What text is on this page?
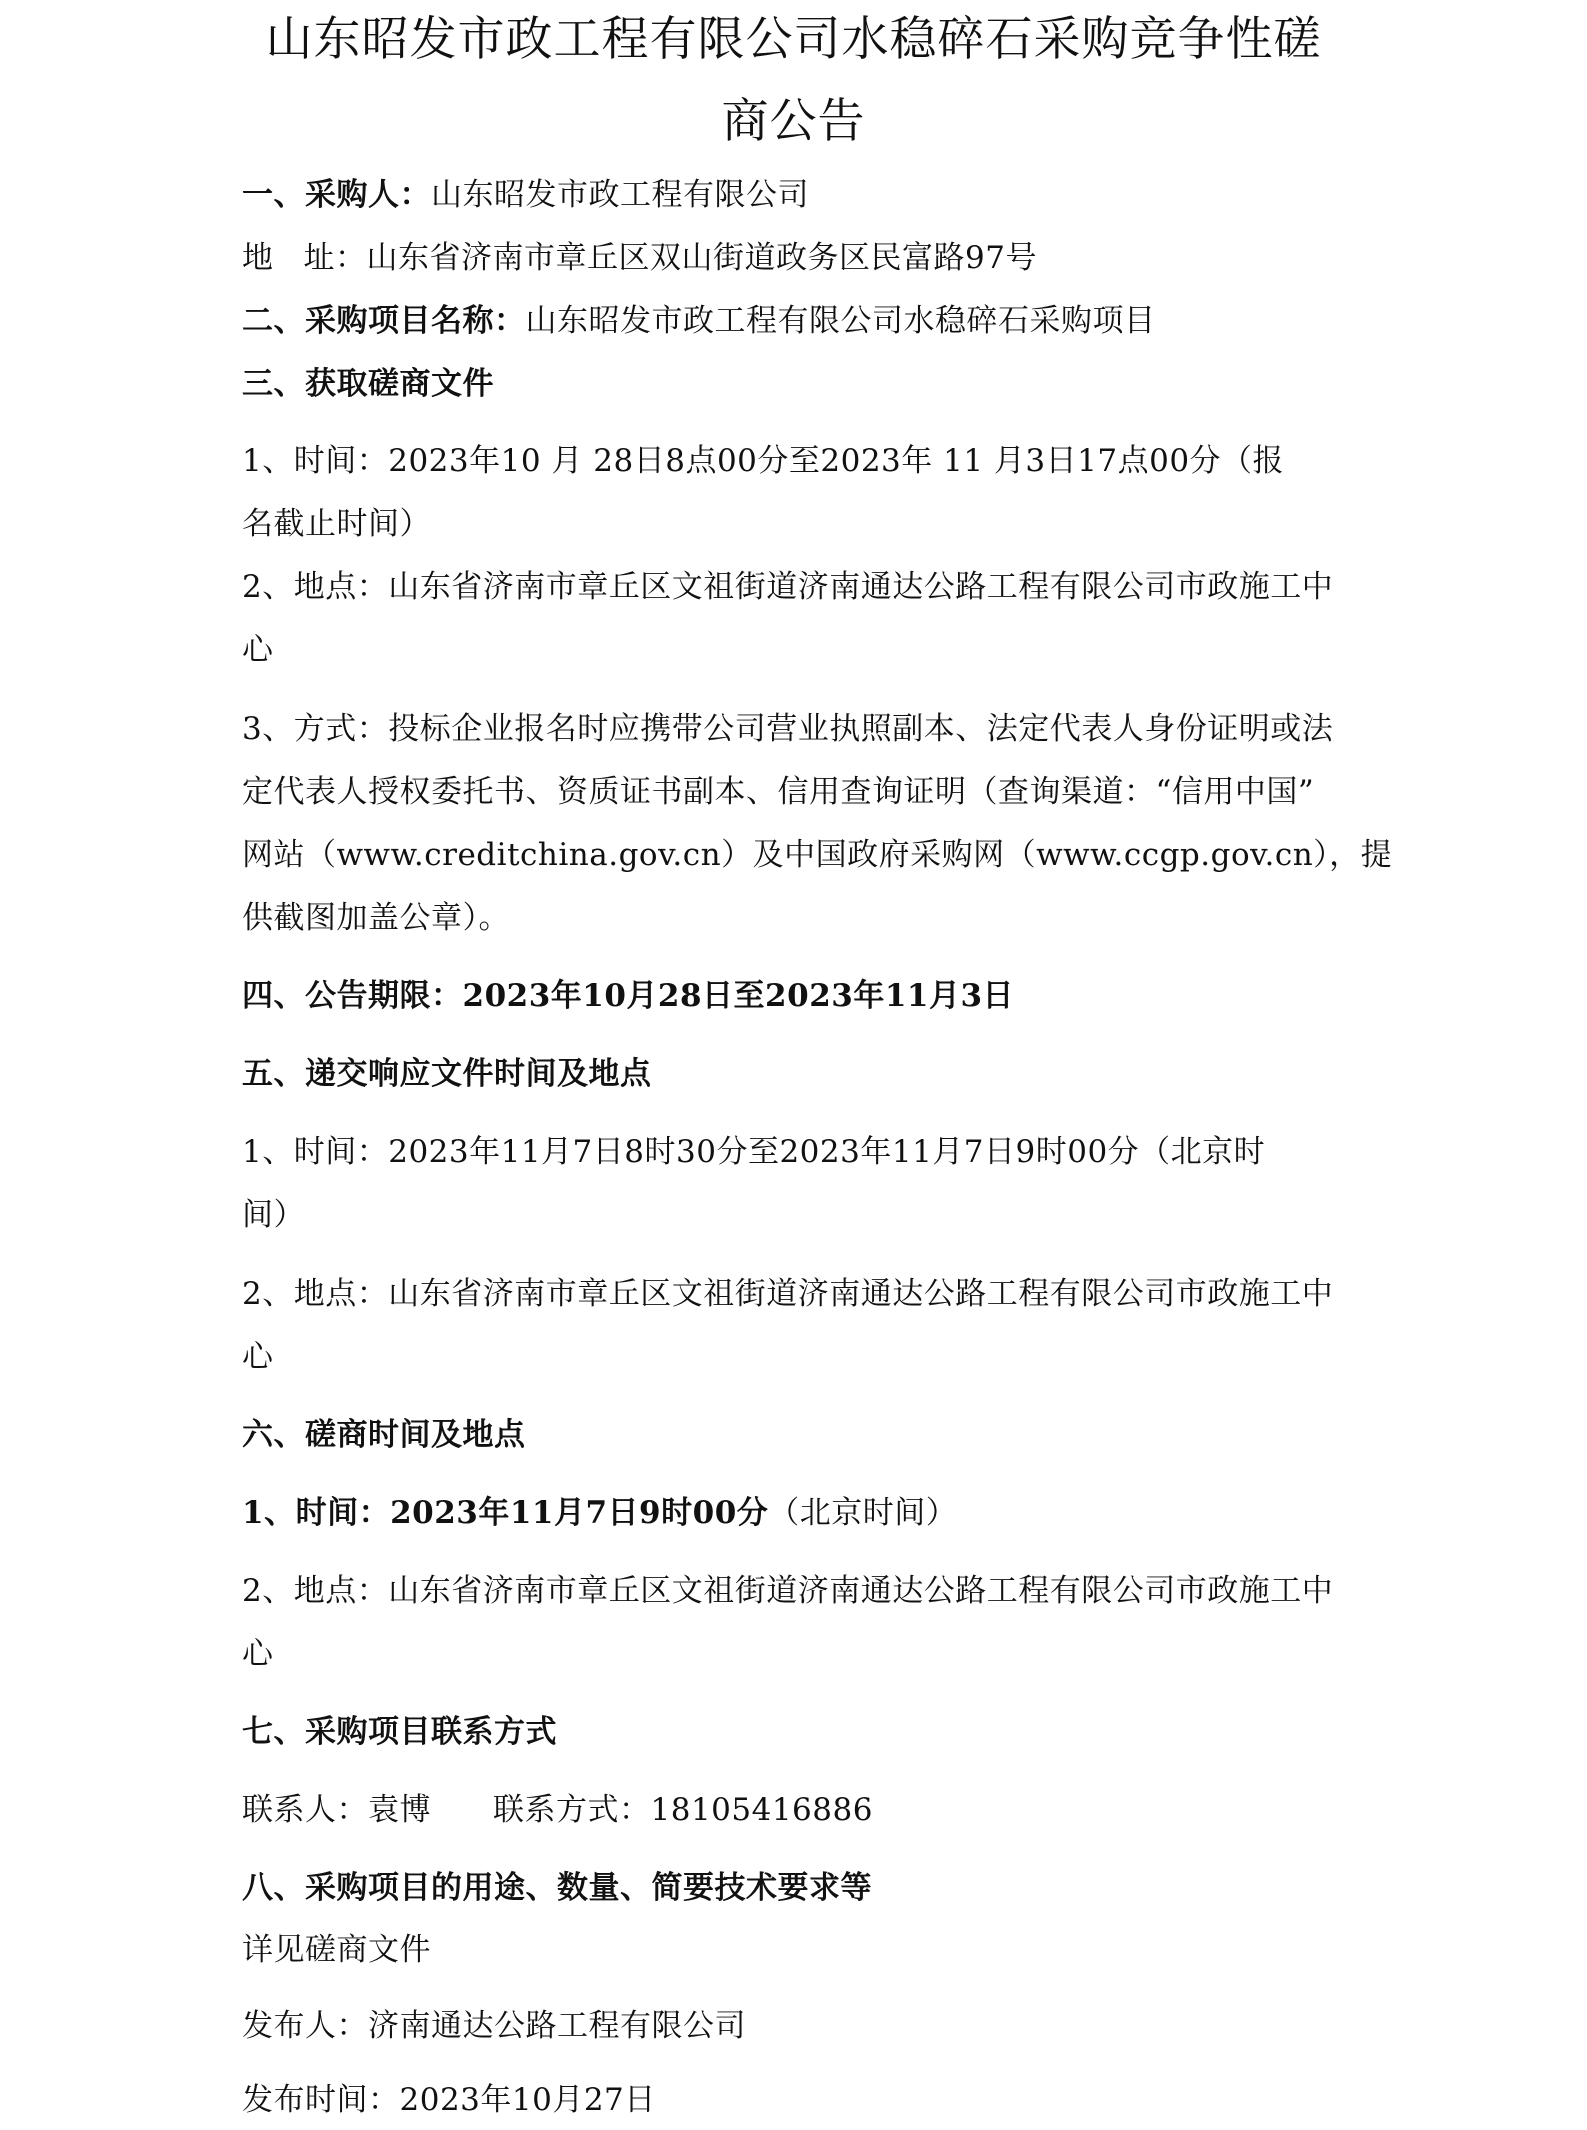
山东昭发市政工程有限公司水稳碎石采购竞争性磋
商公告
一、采购人：山东昭发市政工程有限公司
地 址：山东省济南市章丘区双山街道政务区民富路97号
二、采购项目名称：山东昭发市政工程有限公司水稳碎石采购项目
三、获取磋商文件
1、时间：2023年10 月 28日8点00分至2023年 11 月3日17点00分（报
名截止时间）
2、地点：山东省济南市章丘区文祖街道济南通达公路工程有限公司市政施工中
心
3、方式：投标企业报名时应携带公司营业执照副本、法定代表人身份证明或法
定代表人授权委托书、资质证书副本、信用查询证明（查询渠道：“信用中国”
网站（www.creditchina.gov.cn）及中国政府采购网（www.ccgp.gov.cn），提
供截图加盖公章）。
四、公告期限：2023年10月28日至2023年11月3日
五、递交响应文件时间及地点
1、时间：2023年11月7日8时30分至2023年11月7日9时00分（北京时
间）
2、地点：山东省济南市章丘区文祖街道济南通达公路工程有限公司市政施工中
心
六、磋商时间及地点
1、时间：2023年11月7日9时00分（北京时间）
2、地点：山东省济南市章丘区文祖街道济南通达公路工程有限公司市政施工中
心
七、采购项目联系方式
联系人：袁博 联系方式：18105416886
八、采购项目的用途、数量、简要技术要求等
详见磋商文件
发布人：济南通达公路工程有限公司
发布时间：2023年10月27日
